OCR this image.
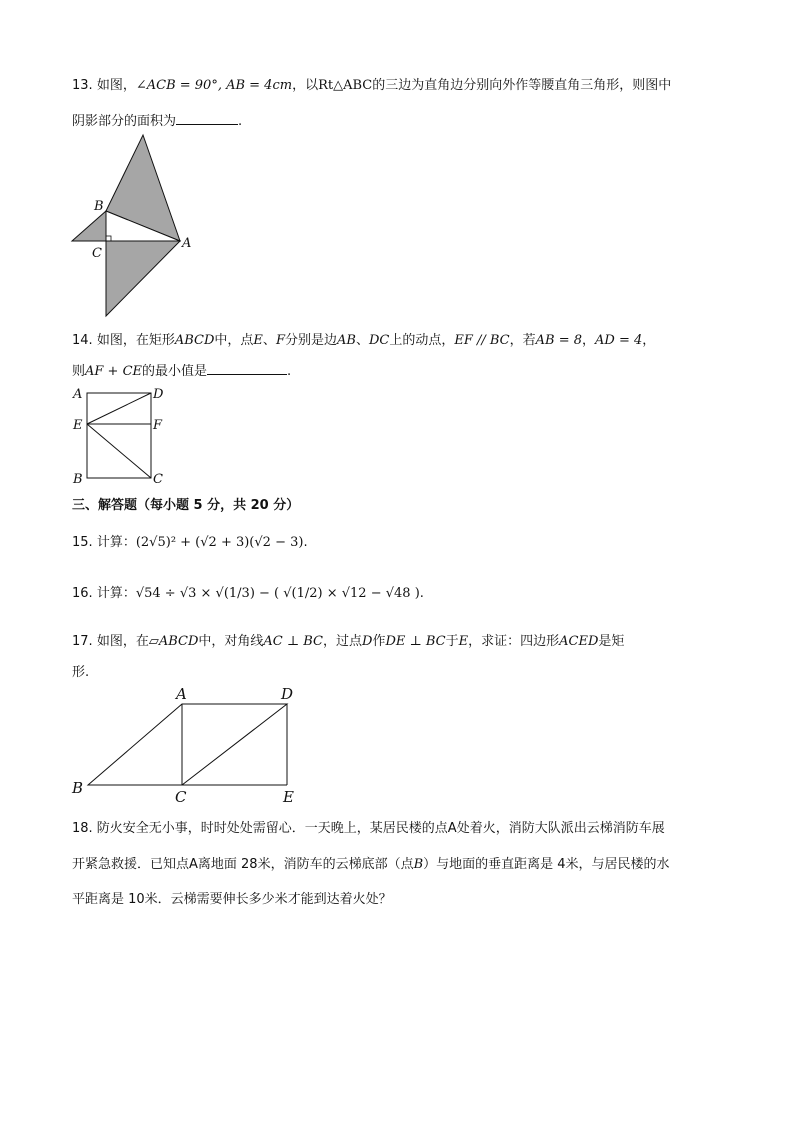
13. 如图，∠ACB = 90°, AB = 4cm，以Rt△ABC的三边为直角边分别向外作等腰直角三角形，则图中
阴影部分的面积为	.
B
C
A
14. 如图，在矩形ABCD中，点E、F分别是边AB、DC上的动点，EF // BC，若AB = 8，AD = 4，
则AF + CE的最小值是	.
A	D
E	F
B	C
三、解答题（每小题 5 分，共 20 分）
15. 计算：(2√5)² + (√2 + 3)(√2 − 3).
16. 计算：√54 ÷ √3 × √(1/3) − ( √(1/2) × √12 − √48 ).
17. 如图，在▱ABCD中，对角线AC ⊥ BC，过点D作DE ⊥ BC于E，求证：四边形ACED是矩
形.
A	D
B	C	E
18. 防火安全无小事，时时处处需留心．一天晚上，某居民楼的点A处着火，消防大队派出云梯消防车展
开紧急救援．已知点A离地面 28米，消防车的云梯底部（点B）与地面的垂直距离是 4米，与居民楼的水
平距离是 10米．云梯需要伸长多少米才能到达着火处？
